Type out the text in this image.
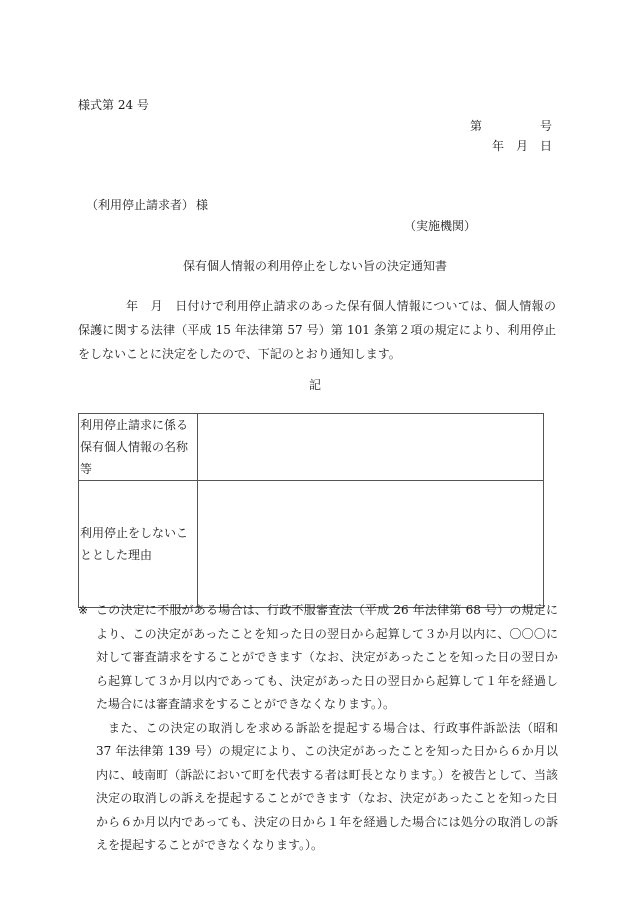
様式第 24 号
第	号
年　月　日
（利用停止請求者） 様
（実施機関）
保有個人情報の利用停止をしない旨の決定通知書

年　月　日付けで利用停止請求のあった保有個人情報については、個人情報の保護に関する法律（平成 15 年法律第 57 号）第 101 条第２項の規定により、利用停止をしないことに決定をしたので、下記のとおり通知します。

記
利用停止請求に係る保有個人情報の名称等	

利用停止をしないこととした理由	
※ この決定に不服がある場合は、行政不服審査法（平成 26 年法律第 68 号）の規定により、この決定があったことを知った日の翌日から起算して３か月以内に、〇〇〇に対して審査請求をすることができます（なお、決定があったことを知った日の翌日から起算して３か月以内であっても、決定があった日の翌日から起算して１年を経過した場合には審査請求をすることができなくなります。）。

また、この決定の取消しを求める訴訟を提起する場合は、行政事件訴訟法（昭和 37 年法律第 139 号）の規定により、この決定があったことを知った日から６か月以内に、岐南町（訴訟において町を代表する者は町長となります。）を被告として、当該決定の取消しの訴えを提起することができます（なお、決定があったことを知った日から６か月以内であっても、決定の日から１年を経過した場合には処分の取消しの訴えを提起することができなくなります。）。
